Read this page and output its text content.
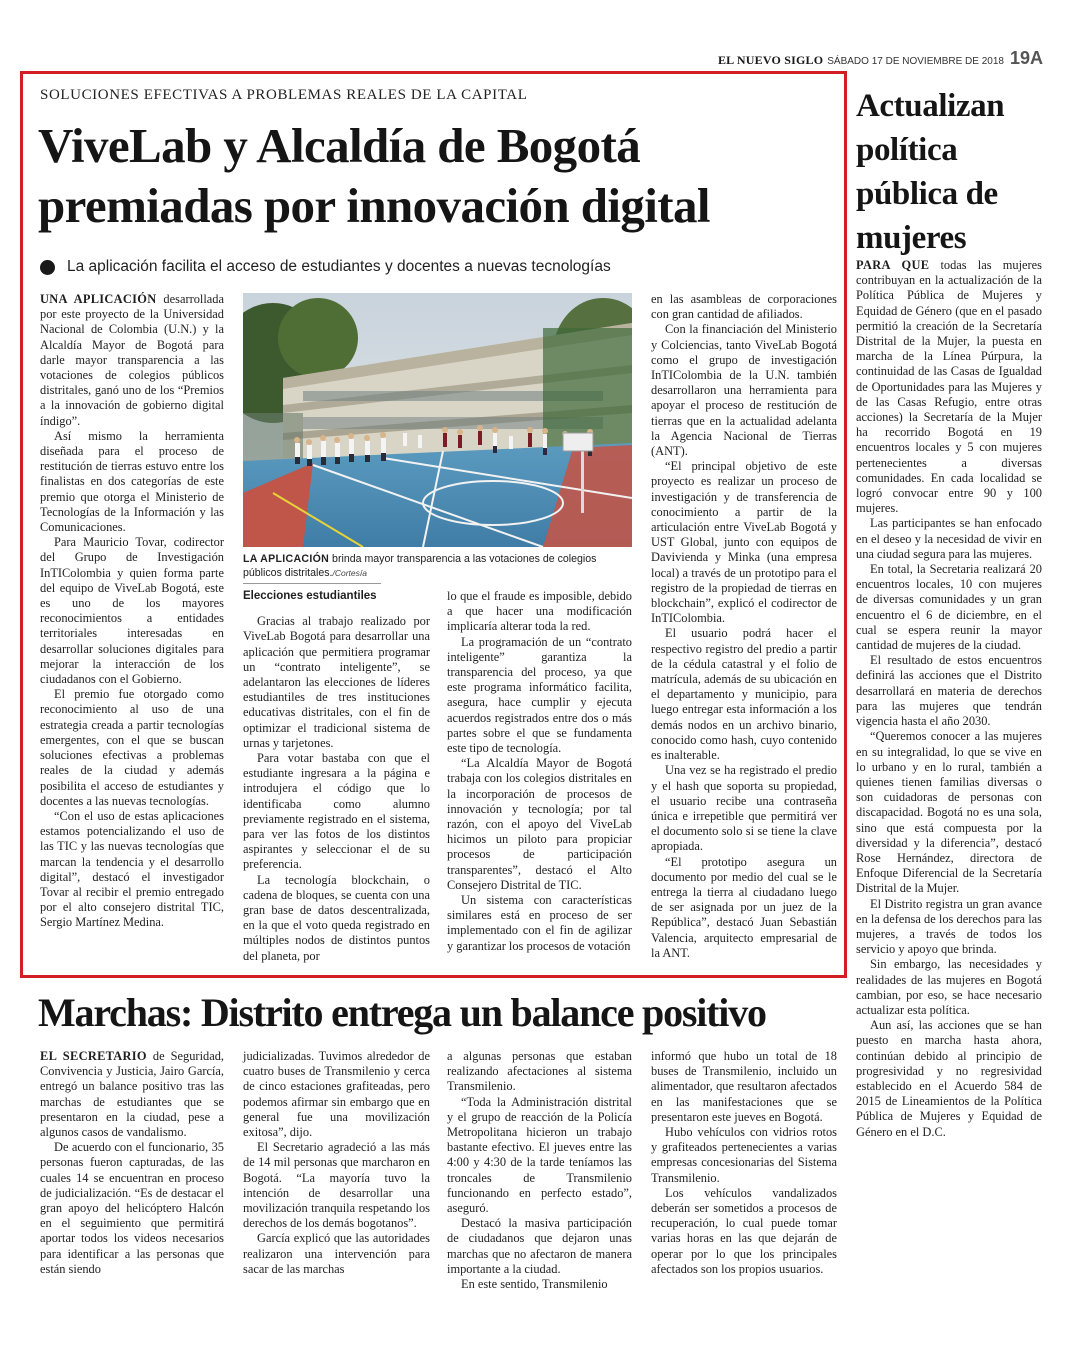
EL NUEVO SIGLO SÁBADO 17 DE NOVIEMBRE DE 2018 19A
SOLUCIONES EFECTIVAS A PROBLEMAS REALES DE LA CAPITAL
ViveLab y Alcaldía de Bogotá
premiadas por innovación digital
La aplicación facilita el acceso de estudiantes y docentes a nuevas tecnologías

UNA APLICACIÓN desarrollada por este proyecto de la Universidad Nacional de Colombia (U.N.) y la Alcaldía Mayor de Bogotá para darle mayor transparencia a las votaciones de colegios públicos distritales, ganó uno de los “Premios a la innovación de gobierno digital índigo”.

Así mismo la herramienta diseñada para el proceso de restitución de tierras estuvo entre los finalistas en dos categorías de este premio que otorga el Ministerio de Tecnologías de la Información y las Comunicaciones.

Para Mauricio Tovar, codirector del Grupo de Investigación InTIColombia y quien forma parte del equipo de ViveLab Bogotá, este es uno de los mayores reconocimientos a entidades territoriales interesadas en desarrollar soluciones digitales para mejorar la interacción de los ciudadanos con el Gobierno.

El premio fue otorgado como reconocimiento al uso de una estrategia creada a partir tecnologías emergentes, con el que se buscan soluciones efectivas a problemas reales de la ciudad y además posibilita el acceso de estudiantes y docentes a las nuevas tecnologías.

“Con el uso de estas aplicaciones estamos potencializando el uso de las TIC y las nuevas tecnologías que marcan la tendencia y el desarrollo digital”, destacó el investigador Tovar al recibir el premio entregado por el alto consejero distrital TIC, Sergio Martínez Medina.

LA APLICACIÓN brinda mayor transparencia a las votaciones de colegios públicos distritales./Cortesía
Elecciones estudiantiles

Gracias al trabajo realizado por ViveLab Bogotá para desarrollar una aplicación que permitiera programar un “contrato inteligente”, se adelantaron las elecciones de líderes estudiantiles de tres instituciones educativas distritales, con el fin de optimizar el tradicional sistema de urnas y tarjetones.

Para votar bastaba con que el estudiante ingresara a la página e introdujera el código que lo identificaba como alumno previamente registrado en el sistema, para ver las fotos de los distintos aspirantes y seleccionar el de su preferencia.

La tecnología blockchain, o cadena de bloques, se cuenta con una gran base de datos descentralizada, en la que el voto queda registrado en múltiples nodos de distintos puntos del planeta, por

lo que el fraude es imposible, debido a que hacer una modificación implicaría alterar toda la red.

La programación de un “contrato inteligente” garantiza la transparencia del proceso, ya que este programa informático facilita, asegura, hace cumplir y ejecuta acuerdos registrados entre dos o más partes sobre el que se fundamenta este tipo de tecnología.

“La Alcaldía Mayor de Bogotá trabaja con los colegios distritales en la incorporación de procesos de innovación y tecnología; por tal razón, con el apoyo del ViveLab hicimos un piloto para propiciar procesos de participación transparentes”, destacó el Alto Consejero Distrital de TIC.

Un sistema con características similares está en proceso de ser implementado con el fin de agilizar y garantizar los procesos de votación

en las asambleas de corporaciones con gran cantidad de afiliados.

Con la financiación del Ministerio y Colciencias, tanto ViveLab Bogotá como el grupo de investigación InTIColombia de la U.N. también desarrollaron una herramienta para apoyar el proceso de restitución de tierras que en la actualidad adelanta la Agencia Nacional de Tierras (ANT).

“El principal objetivo de este proyecto es realizar un proceso de investigación y de transferencia de conocimiento a partir de la articulación entre ViveLab Bogotá y UST Global, junto con equipos de Davivienda y Minka (una empresa local) a través de un prototipo para el registro de la propiedad de tierras en blockchain”, explicó el codirector de InTIColombia.

El usuario podrá hacer el respectivo registro del predio a partir de la cédula catastral y el folio de matrícula, además de su ubicación en el departamento y municipio, para luego entregar esta información a los demás nodos en un archivo binario, conocido como hash, cuyo contenido es inalterable.

Una vez se ha registrado el predio y el hash que soporta su propiedad, el usuario recibe una contraseña única e irrepetible que permitirá ver el documento solo si se tiene la clave apropiada.

“El prototipo asegura un documento por medio del cual se le entrega la tierra al ciudadano luego de ser asignada por un juez de la República”, destacó Juan Sebastián Valencia, arquitecto empresarial de la ANT.

Actualizan
política
pública de
mujeres

PARA QUE todas las mujeres contribuyan en la actualización de la Política Pública de Mujeres y Equidad de Género (que en el pasado permitió la creación de la Secretaría Distrital de la Mujer, la puesta en marcha de la Línea Púrpura, la continuidad de las Casas de Igualdad de Oportunidades para las Mujeres y de las Casas Refugio, entre otras acciones) la Secretaría de la Mujer ha recorrido Bogotá en 19 encuentros locales y 5 con mujeres pertenecientes a diversas comunidades. En cada localidad se logró convocar entre 90 y 100 mujeres.

Las participantes se han enfocado en el deseo y la necesidad de vivir en una ciudad segura para las mujeres.

En total, la Secretaria realizará 20 encuentros locales, 10 con mujeres de diversas comunidades y un gran encuentro el 6 de diciembre, en el cual se espera reunir la mayor cantidad de mujeres de la ciudad.

El resultado de estos encuentros definirá las acciones que el Distrito desarrollará en materia de derechos para las mujeres que tendrán vigencia hasta el año 2030.

“Queremos conocer a las mujeres en su integralidad, lo que se vive en lo urbano y en lo rural, también a quienes tienen familias diversas o son cuidadoras de personas con discapacidad. Bogotá no es una sola, sino que está compuesta por la diversidad y la diferencia”, destacó Rose Hernández, directora de Enfoque Diferencial de la Secretaría Distrital de la Mujer.

El Distrito registra un gran avance en la defensa de los derechos para las mujeres, a través de todos los servicio y apoyo que brinda.

Sin embargo, las necesidades y realidades de las mujeres en Bogotá cambian, por eso, se hace necesario actualizar esta política.

Aun así, las acciones que se han puesto en marcha hasta ahora, continúan debido al principio de progresividad y no regresividad establecido en el Acuerdo 584 de 2015 de Lineamientos de la Política Pública de Mujeres y Equidad de Género en el D.C.

Marchas: Distrito entrega un balance positivo

EL SECRETARIO de Seguridad, Convivencia y Justicia, Jairo García, entregó un balance positivo tras las marchas de estudiantes que se presentaron en la ciudad, pese a algunos casos de vandalismo.

De acuerdo con el funcionario, 35 personas fueron capturadas, de las cuales 14 se encuentran en proceso de judicialización. “Es de destacar el gran apoyo del helicóptero Halcón en el seguimiento que permitirá aportar todos los videos necesarios para identificar a las personas que están siendo

judicializadas. Tuvimos alrededor de cuatro buses de Transmilenio y cerca de cinco estaciones grafiteadas, pero podemos afirmar sin embargo que en general fue una movilización exitosa”, dijo.

El Secretario agradeció a las más de 14 mil personas que marcharon en Bogotá. “La mayoría tuvo la intención de desarrollar una movilización tranquila respetando los derechos de los demás bogotanos”.

García explicó que las autoridades realizaron una intervención para sacar de las marchas

a algunas personas que estaban realizando afectaciones al sistema Transmilenio.

“Toda la Administración distrital y el grupo de reacción de la Policía Metropolitana hicieron un trabajo bastante efectivo. El jueves entre las 4:00 y 4:30 de la tarde teníamos las troncales de Transmilenio funcionando en perfecto estado”, aseguró.

Destacó la masiva participación de ciudadanos que dejaron unas marchas que no afectaron de manera importante a la ciudad.

En este sentido, Transmilenio

informó que hubo un total de 18 buses de Transmilenio, incluido un alimentador, que resultaron afectados en las manifestaciones que se presentaron este jueves en Bogotá.

Hubo vehículos con vidrios rotos y grafiteados pertenecientes a varias empresas concesionarias del Sistema Transmilenio.

Los vehículos vandalizados deberán ser sometidos a procesos de recuperación, lo cual puede tomar varias horas en las que dejarán de operar por lo que los principales afectados son los propios usuarios.
